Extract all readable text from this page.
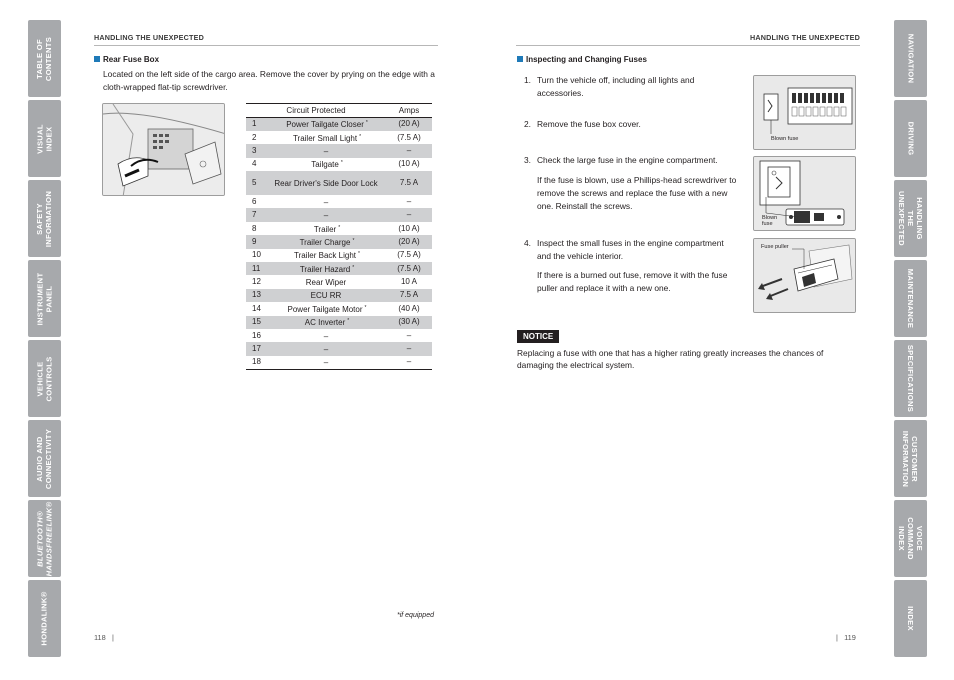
TABLE OF
CONTENTS
VISUAL INDEX
SAFETY
INFORMATION
INSTRUMENT
PANEL
VEHICLE
CONTROLS
AUDIO AND
CONNECTIVITY
BLUETOOTH®
HANDSFREELINK®
HONDALINK®
NAVIGATION
DRIVING
HANDLING THE
UNEXPECTED
MAINTENANCE
SPECIFICATIONS
CUSTOMER
INFORMATION
VOICE
COMMAND INDEX
INDEX
HANDLING THE UNEXPECTED	HANDLING THE UNEXPECTED
Rear Fuse Box
Located on the left side of the cargo area. Remove the cover by prying on the edge with a cloth-wrapped flat-tip screwdriver.
Circuit Protected		Amps
1	Power Tailgate Closer *	(20 A)
2	Trailer Small Light *	(7.5 A)
3	–	–
4	Tailgate *	(10 A)
5	Rear Driver's Side Door Lock	7.5 A
6	–	–
7	–	–
8	Trailer *	(10 A)
9	Trailer Charge *	(20 A)
10	Trailer Back Light *	(7.5 A)
11	Trailer Hazard *	(7.5 A)
12	Rear Wiper	10 A
13	ECU RR	7.5 A
14	Power Tailgate Motor *	(40 A)
15	AC Inverter *	(30 A)
16	–	–
17	–	–
18	–	–
*if equipped
118   |
Inspecting and Changing Fuses
1. Turn the vehicle off, including all lights and accessories.
2. Remove the fuse box cover.
3. Check the large fuse in the engine compartment.
If the fuse is blown, use a Phillips-head screwdriver to remove the screws and replace the fuse with a new one. Reinstall the screws.
4. Inspect the small fuses in the engine compartment and the vehicle interior.
If there is a burned out fuse, remove it with the fuse puller and replace it with a new one.
Blown fuse
Blown
fuse
Fuse puller
NOTICE
Replacing a fuse with one that has a higher rating greatly increases the chances of damaging the electrical system.
|   119
